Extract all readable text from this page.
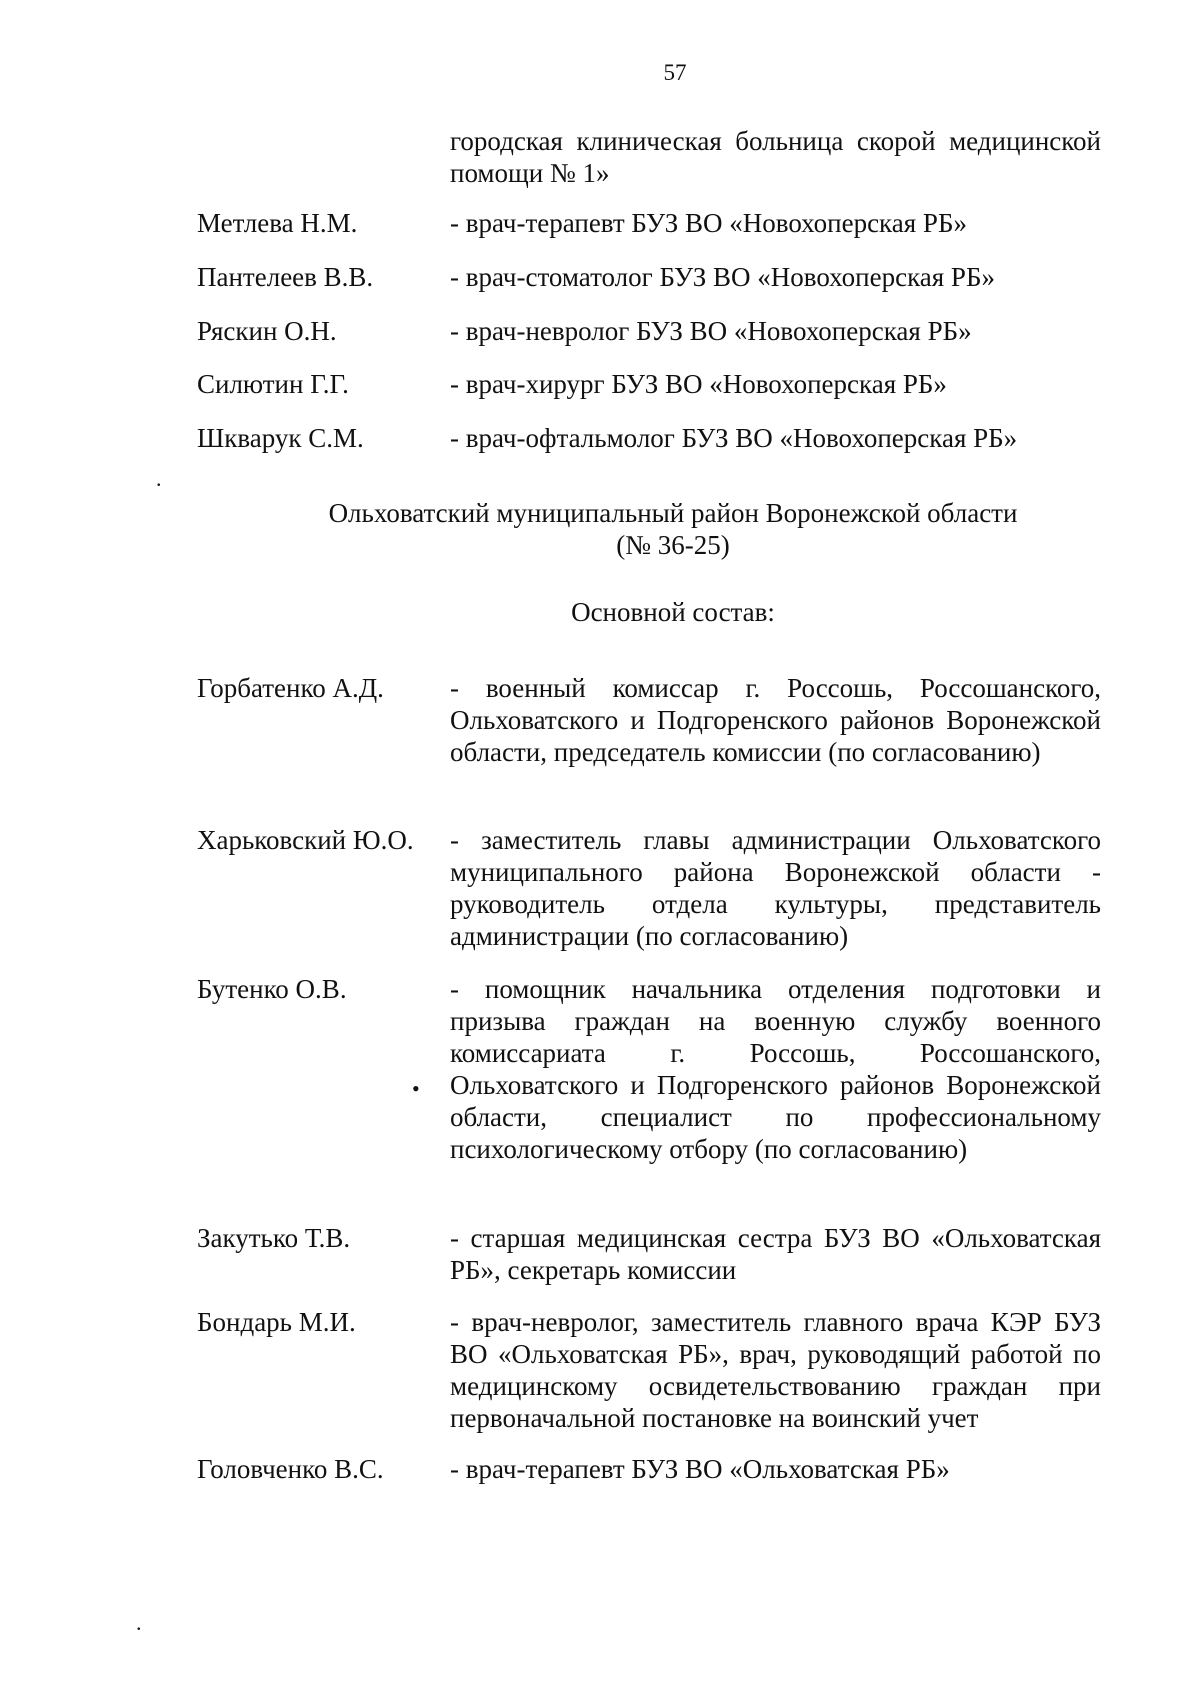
57
городская клиническая больница скорой медицинской помощи № 1»
Метлева Н.М.	- врач-терапевт БУЗ ВО «Новохоперская РБ»
Пантелеев В.В.	- врач-стоматолог БУЗ ВО «Новохоперская РБ»
Ряскин О.Н.	- врач-невролог БУЗ ВО «Новохоперская РБ»
Силютин Г.Г.	- врач-хирург БУЗ ВО «Новохоперская РБ»
Шкварук С.М.	- врач-офтальмолог БУЗ ВО «Новохоперская РБ»
.
Ольховатский муниципальный район Воронежской области
(№ 36-25)
Основной состав:
Горбатенко А.Д. - военный комиссар г. Россошь, Россошанского, Ольховатского и Подгоренского районов Воронежской области, председатель комиссии (по согласованию)
Харьковский Ю.О. - заместитель главы администрации Ольховатского муниципального района Воронежской области - руководитель отдела культуры, представитель администрации (по согласованию)
Бутенко О.В.	- помощник начальника отделения подготовки и призыва граждан на военную службу военного комиссариата г. Россошь, Россошанского, Ольховатского и Подгоренского районов Воронежской области, специалист по профессиональному психологическому отбору (по согласованию)
•
Закутько Т.В.	- старшая медицинская сестра БУЗ ВО «Ольховатская РБ», секретарь комиссии
Бондарь М.И.	- врач-невролог, заместитель главного врача КЭР БУЗ ВО «Ольховатская РБ», врач, руководящий работой по медицинскому освидетельствованию граждан при первоначальной постановке на воинский учет
Головченко В.С. - врач-терапевт БУЗ ВО «Ольховатская РБ»
.
